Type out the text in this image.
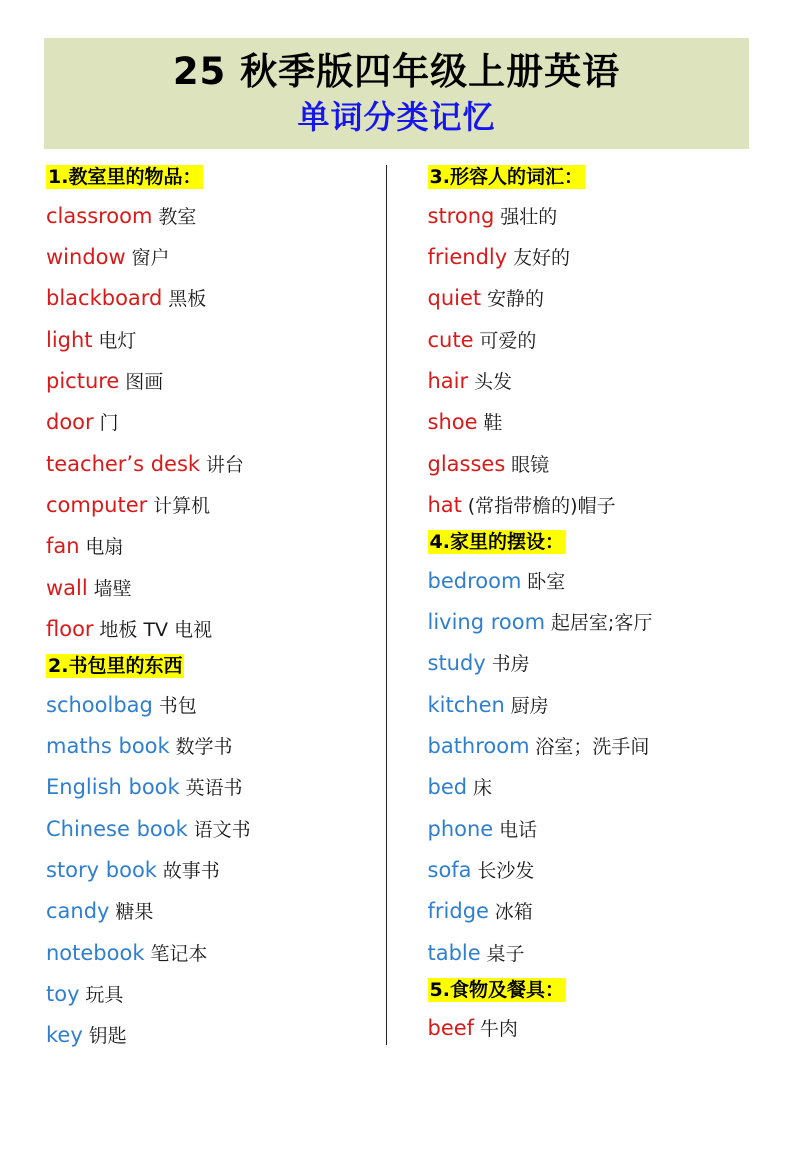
25 秋季版四年级上册英语
单词分类记忆
1.教室里的物品：
classroom 教室
window 窗户
blackboard 黑板
light 电灯
picture 图画
door 门
teacher’s desk 讲台
computer 计算机
fan 电扇
wall 墙壁
floor 地板 TV 电视
2.书包里的东西
schoolbag 书包
maths book 数学书
English book 英语书
Chinese book 语文书
story book 故事书
candy 糖果
notebook 笔记本
toy 玩具
key 钥匙
3.形容人的词汇：
strong 强壮的
friendly 友好的
quiet 安静的
cute 可爱的
hair 头发
shoe 鞋
glasses 眼镜
hat (常指带檐的)帽子
4.家里的摆设：
bedroom 卧室
living room 起居室;客厅
study 书房
kitchen 厨房
bathroom 浴室；洗手间
bed 床
phone 电话
sofa 长沙发
fridge 冰箱
table 桌子
5.食物及餐具：
beef 牛肉
